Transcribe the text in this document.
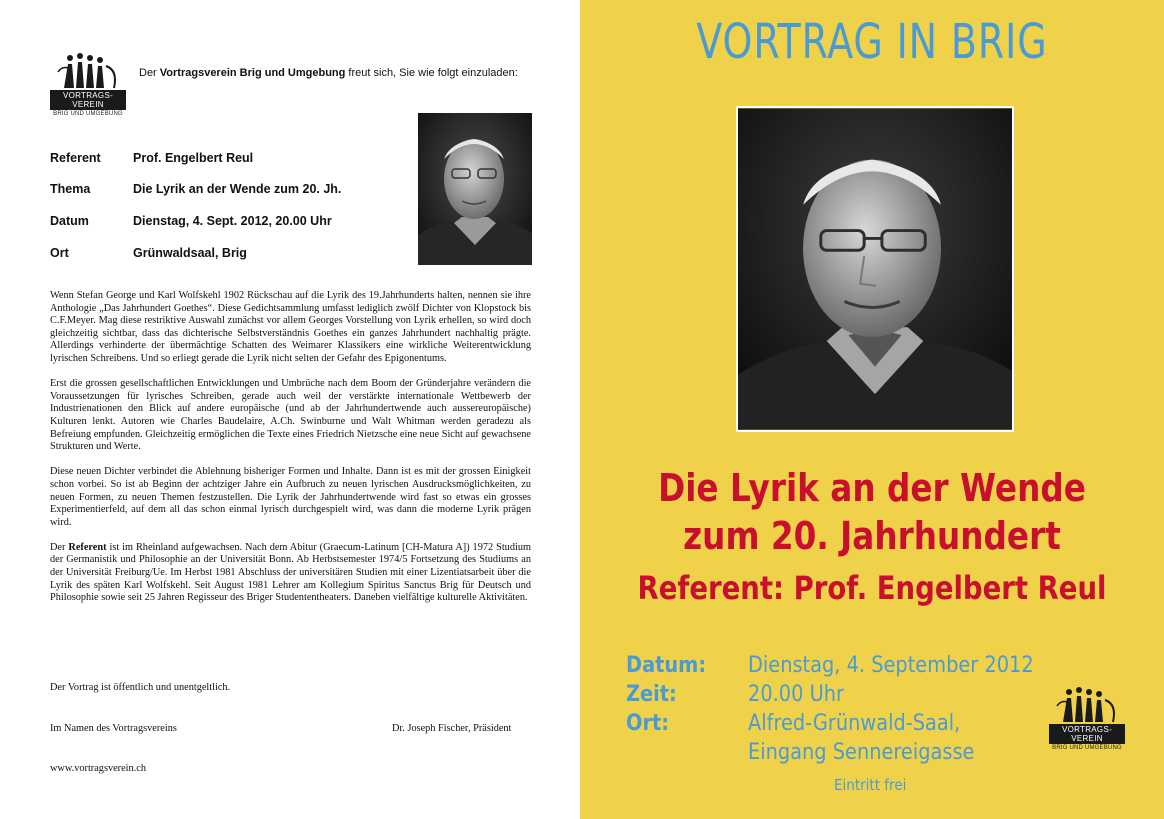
VORTRAGS-
VEREIN
BRIG UND UMGEBUNG
Der Vortragsverein Brig und Umgebung freut sich, Sie wie folgt einzuladen:
Referent	Prof. Engelbert Reul
Thema	Die Lyrik an der Wende zum 20. Jh.
Datum	Dienstag, 4. Sept. 2012, 20.00 Uhr
Ort	Grünwaldsaal, Brig

Wenn Stefan George und Karl Wolfskehl 1902 Rückschau auf die Lyrik des 19.Jahrhunderts halten, nennen sie ihre Anthologie „Das Jahrhundert Goethes“. Diese Gedichtsammlung umfasst lediglich zwölf Dichter von Klopstock bis C.F.Meyer. Mag diese restriktive Auswahl zunächst vor allem Georges Vorstellung von Lyrik erhellen, so wird doch gleichzeitig sichtbar, dass das dichterische Selbstverständnis Goethes ein ganzes Jahrhundert nachhaltig prägte. Allerdings verhinderte der übermächtige Schatten des Weimarer Klassikers eine wirkliche Weiterentwicklung lyrischen Schreibens. Und so erliegt gerade die Lyrik nicht selten der Gefahr des Epigonentums.

Erst die grossen gesellschaftlichen Entwicklungen und Umbrüche nach dem Boom der Gründerjahre verändern die Voraussetzungen für lyrisches Schreiben, gerade auch weil der verstärkte internationale Wettbewerb der Industrienationen den Blick auf andere europäische (und ab der Jahrhundertwende auch aussereuropäische) Kulturen lenkt. Autoren wie Charles Baudelaire, A.Ch. Swinburne und Walt Whitman werden geradezu als Befreiung empfunden. Gleichzeitig ermöglichen die Texte eines Friedrich Nietzsche eine neue Sicht auf gewachsene Strukturen und Werte.

Diese neuen Dichter verbindet die Ablehnung bisheriger Formen und Inhalte. Dann ist es mit der grossen Einigkeit schon vorbei. So ist ab Beginn der achtziger Jahre ein Aufbruch zu neuen lyrischen Ausdrucksmöglichkeiten, zu neuen Formen, zu neuen Themen festzustellen. Die Lyrik der Jahrhundertwende wird fast so etwas ein grosses Experimentierfeld, auf dem all das schon einmal lyrisch durchgespielt wird, was dann die moderne Lyrik prägen wird.

Der Referent ist im Rheinland aufgewachsen. Nach dem Abitur (Graecum-Latinum [CH-Matura A]) 1972 Studium der Germanistik und Philosophie an der Universität Bonn. Ab Herbstsemester 1974/5 Fortsetzung des Studiums an der Universität Freiburg/Ue. Im Herbst 1981 Abschluss der universitären Studien mit einer Lizentiatsarbeit über die Lyrik des späten Karl Wolfskehl. Seit August 1981 Lehrer am Kollegium Spiritus Sanctus Brig für Deutsch und Philosophie sowie seit 25 Jahren Regisseur des Briger Studententheaters. Daneben vielfältige kulturelle Aktivitäten.

Der Vortrag ist öffentlich und unentgeltlich.
Im Namen des Vortragsvereins	Dr. Joseph Fischer, Präsident
www.vortragsverein.ch
VORTRAG IN BRIG
Die Lyrik an der Wende
zum 20. Jahrhundert
Referent: Prof. Engelbert Reul
Datum: Dienstag, 4. September 2012
Zeit:	20.00 Uhr
Ort:	Alfred-Grünwald-Saal,
Eingang Sennereigasse
Eintritt frei
VORTRAGS-
VEREIN
BRIG UND UMGEBUNG
